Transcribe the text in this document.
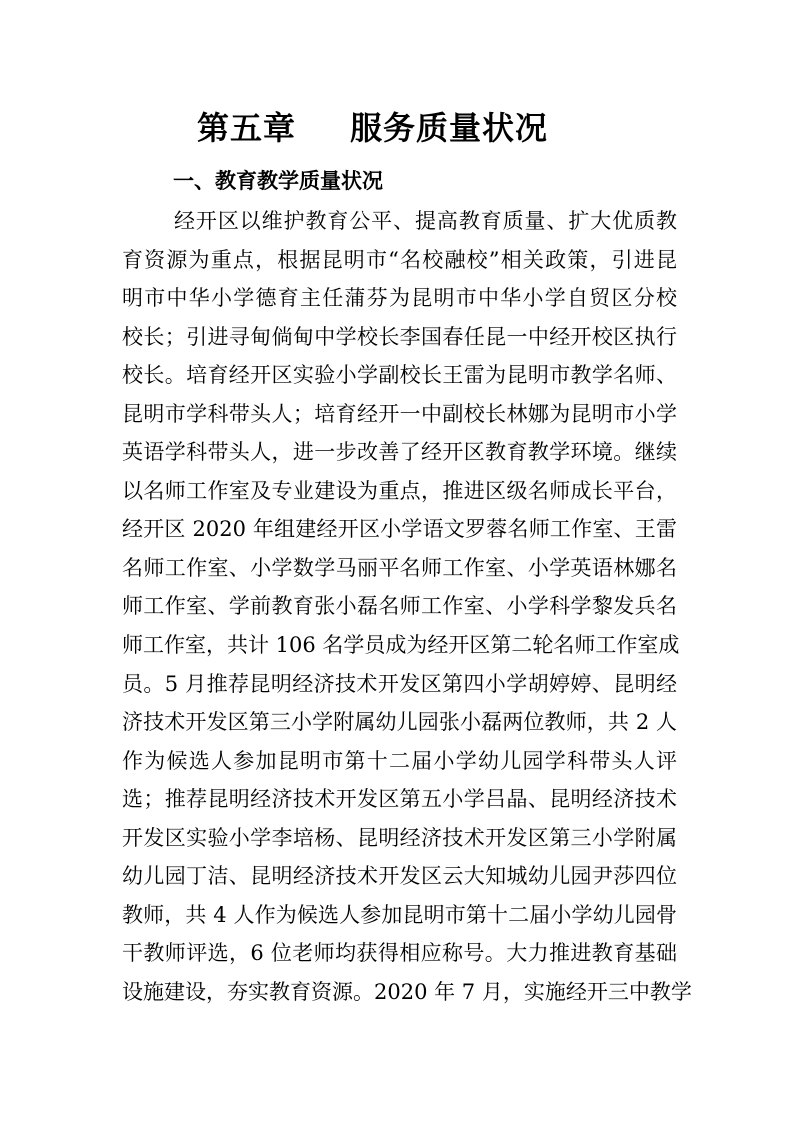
第五章 服务质量状况
一、教育教学质量状况
经开区以维护教育公平、提高教育质量、扩大优质教
育资源为重点，根据昆明市“名校融校”相关政策，引进昆
明市中华小学德育主任蒲芬为昆明市中华小学自贸区分校
校长；引进寻甸倘甸中学校长李国春任昆一中经开校区执行
校长。培育经开区实验小学副校长王雷为昆明市教学名师、
昆明市学科带头人；培育经开一中副校长林娜为昆明市小学
英语学科带头人，进一步改善了经开区教育教学环境。继续
以名师工作室及专业建设为重点，推进区级名师成长平台，
经开区 2020 年组建经开区小学语文罗蓉名师工作室、王雷
名师工作室、小学数学马丽平名师工作室、小学英语林娜名
师工作室、学前教育张小磊名师工作室、小学科学黎发兵名
师工作室，共计 106 名学员成为经开区第二轮名师工作室成
员。5 月推荐昆明经济技术开发区第四小学胡婷婷、昆明经
济技术开发区第三小学附属幼儿园张小磊两位教师，共 2 人
作为候选人参加昆明市第十二届小学幼儿园学科带头人评
选；推荐昆明经济技术开发区第五小学吕晶、昆明经济技术
开发区实验小学李培杨、昆明经济技术开发区第三小学附属
幼儿园丁洁、昆明经济技术开发区云大知城幼儿园尹莎四位
教师，共 4 人作为候选人参加昆明市第十二届小学幼儿园骨
干教师评选，6 位老师均获得相应称号。大力推进教育基础
设施建设，夯实教育资源。2020 年 7 月，实施经开三中教学
